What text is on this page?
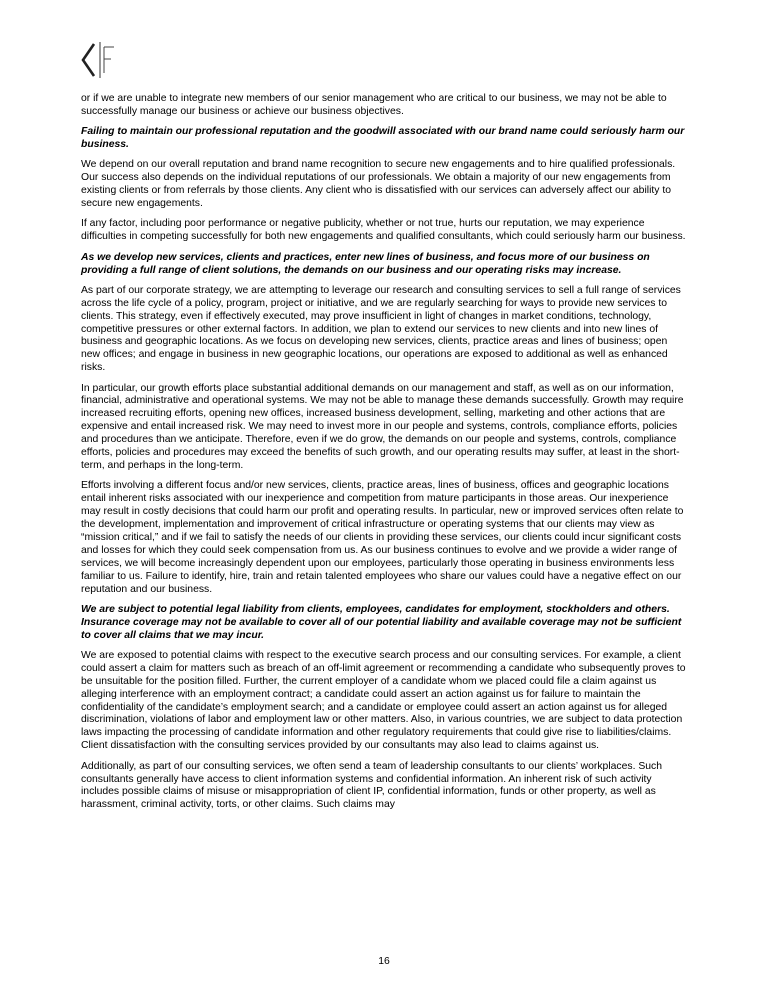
or if we are unable to integrate new members of our senior management who are critical to our business, we may not be able to successfully manage our business or achieve our business objectives.

Failing to maintain our professional reputation and the goodwill associated with our brand name could seriously harm our business.

We depend on our overall reputation and brand name recognition to secure new engagements and to hire qualified professionals. Our success also depends on the individual reputations of our professionals. We obtain a majority of our new engagements from existing clients or from referrals by those clients. Any client who is dissatisfied with our services can adversely affect our ability to secure new engagements.

If any factor, including poor performance or negative publicity, whether or not true, hurts our reputation, we may experience difficulties in competing successfully for both new engagements and qualified consultants, which could seriously harm our business.

As we develop new services, clients and practices, enter new lines of business, and focus more of our business on providing a full range of client solutions, the demands on our business and our operating risks may increase.

As part of our corporate strategy, we are attempting to leverage our research and consulting services to sell a full range of services across the life cycle of a policy, program, project or initiative, and we are regularly searching for ways to provide new services to clients. This strategy, even if effectively executed, may prove insufficient in light of changes in market conditions, technology, competitive pressures or other external factors. In addition, we plan to extend our services to new clients and into new lines of business and geographic locations. As we focus on developing new services, clients, practice areas and lines of business; open new offices; and engage in business in new geographic locations, our operations are exposed to additional as well as enhanced risks.

In particular, our growth efforts place substantial additional demands on our management and staff, as well as on our information, financial, administrative and operational systems. We may not be able to manage these demands successfully. Growth may require increased recruiting efforts, opening new offices, increased business development, selling, marketing and other actions that are expensive and entail increased risk. We may need to invest more in our people and systems, controls, compliance efforts, policies and procedures than we anticipate. Therefore, even if we do grow, the demands on our people and systems, controls, compliance efforts, policies and procedures may exceed the benefits of such growth, and our operating results may suffer, at least in the short-term, and perhaps in the long-term.

Efforts involving a different focus and/or new services, clients, practice areas, lines of business, offices and geographic locations entail inherent risks associated with our inexperience and competition from mature participants in those areas. Our inexperience may result in costly decisions that could harm our profit and operating results. In particular, new or improved services often relate to the development, implementation and improvement of critical infrastructure or operating systems that our clients may view as “mission critical,” and if we fail to satisfy the needs of our clients in providing these services, our clients could incur significant costs and losses for which they could seek compensation from us. As our business continues to evolve and we provide a wider range of services, we will become increasingly dependent upon our employees, particularly those operating in business environments less familiar to us. Failure to identify, hire, train and retain talented employees who share our values could have a negative effect on our reputation and our business.

We are subject to potential legal liability from clients, employees, candidates for employment, stockholders and others. Insurance coverage may not be available to cover all of our potential liability and available coverage may not be sufficient to cover all claims that we may incur.

We are exposed to potential claims with respect to the executive search process and our consulting services. For example, a client could assert a claim for matters such as breach of an off-limit agreement or recommending a candidate who subsequently proves to be unsuitable for the position filled. Further, the current employer of a candidate whom we placed could file a claim against us alleging interference with an employment contract; a candidate could assert an action against us for failure to maintain the confidentiality of the candidate’s employment search; and a candidate or employee could assert an action against us for alleged discrimination, violations of labor and employment law or other matters. Also, in various countries, we are subject to data protection laws impacting the processing of candidate information and other regulatory requirements that could give rise to liabilities/claims. Client dissatisfaction with the consulting services provided by our consultants may also lead to claims against us.

Additionally, as part of our consulting services, we often send a team of leadership consultants to our clients’ workplaces. Such consultants generally have access to client information systems and confidential information. An inherent risk of such activity includes possible claims of misuse or misappropriation of client IP, confidential information, funds or other property, as well as harassment, criminal activity, torts, or other claims. Such claims may

16
